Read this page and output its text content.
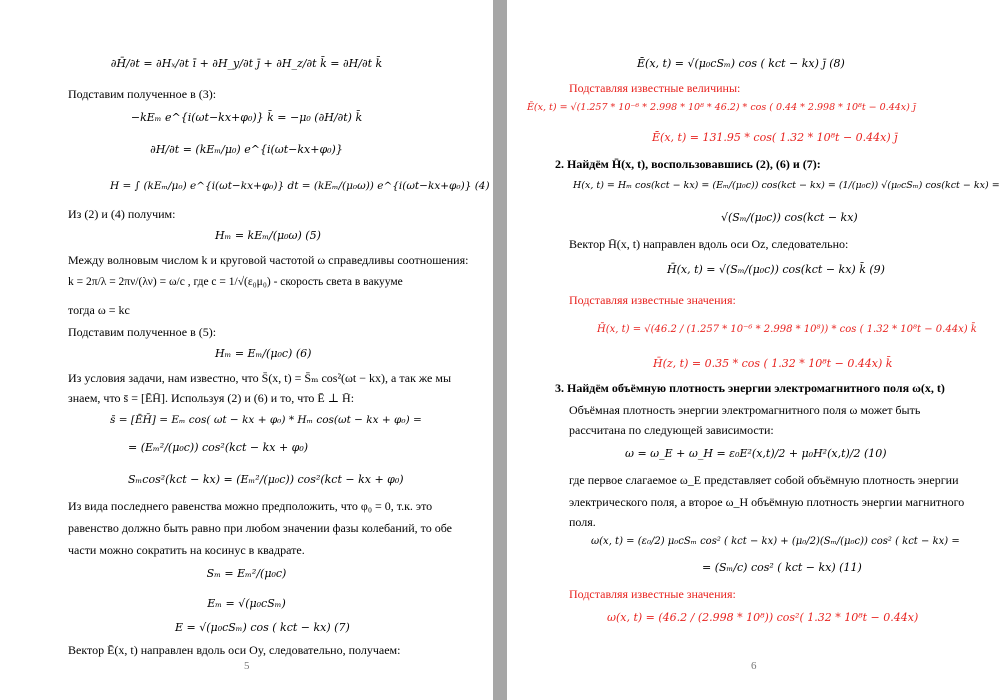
∂H̄/∂t = ∂Hₓ/∂t ī + ∂H_y/∂t j̄ + ∂H_z/∂t k̄ = ∂H/∂t k̄
Подставим полученное в (3):
−kEₘ e^{i(ωt−kx+φ₀)} k̄ = −μ₀ (∂H/∂t) k̄
∂H/∂t = (kEₘ/μ₀) e^{i(ωt−kx+φ₀)}
H = ∫ (kEₘ/μ₀) e^{i(ωt−kx+φ₀)} dt = (kEₘ/(μ₀ω)) e^{i(ωt−kx+φ₀)} (4)
Из (2) и (4) получим:
Hₘ = kEₘ/(μ₀ω) (5)
Между волновым числом k и круговой частотой ω справедливы соотношения:
k = 2π/λ = 2πν/(λν) = ω/c , где c = 1/√(ε₀μ₀) - скорость света в вакууме
тогда ω = kc
Подставим полученное в (5):
Hₘ = Eₘ/(μ₀c) (6)
Из условия задачи, нам известно, что S̄(x, t) = S̄ₘ cos²(ωt − kx), а так же мы
знаем, что s̄ = [ĒH̄]. Используя (2) и (6) и то, что Ē ⊥ H̄:
s̄ = [ĒH̄] = Eₘ cos( ωt − kx + φ₀) * Hₘ cos(ωt − kx + φ₀) =
= (Eₘ²/(μ₀c)) cos²(kct − kx + φ₀)
Sₘcos²(kct − kx) = (Eₘ²/(μ₀c)) cos²(kct − kx + φ₀)
Из вида последнего равенства можно предположить, что φ₀ = 0, т.к. это
равенство должно быть равно при любом значении фазы колебаний, то обе
части можно сократить на косинус в квадрате.
Sₘ = Eₘ²/(μ₀c)
Eₘ = √(μ₀cSₘ)
E = √(μ₀cSₘ) cos ( kct − kx) (7)
Вектор Ē(x, t) направлен вдоль оси Oy, следовательно, получаем:
5
Ē(x, t) = √(μ₀cSₘ) cos ( kct − kx) j̄ (8)
Подставляя известные величины:
Ē(x, t) = √(1.257 * 10⁻⁶ * 2.998 * 10⁸ * 46.2) * cos ( 0.44 * 2.998 * 10⁸t − 0.44x) j̄
Ē(x, t) = 131.95 * cos( 1.32 * 10⁸t − 0.44x) j̄
2. Найдём H̄(x, t), воспользовавшись (2), (6) и (7):
H(x, t) = Hₘ cos(kct − kx) = (Eₘ/(μ₀c)) cos(kct − kx) = (1/(μ₀c)) √(μ₀cSₘ) cos(kct − kx) =
√(Sₘ/(μ₀c)) cos(kct − kx)
Вектор H̄(x, t) направлен вдоль оси Oz, следовательно:
H̄(x, t) = √(Sₘ/(μ₀c)) cos(kct − kx) k̄ (9)
Подставляя известные значения:
H̄(x, t) = √(46.2 / (1.257 * 10⁻⁶ * 2.998 * 10⁸)) * cos ( 1.32 * 10⁸t − 0.44x) k̄
H̄(z, t) = 0.35 * cos ( 1.32 * 10⁸t − 0.44x) k̄
3. Найдём объёмную плотность энергии электромагнитного поля ω(x, t)
Объёмная плотность энергии электромагнитного поля ω может быть
рассчитана по следующей зависимости:
ω = ω_E + ω_H = ε₀E²(x,t)/2 + μ₀H²(x,t)/2 (10)
где первое слагаемое ω_E представляет собой объёмную плотность энергии
электрического поля, а второе ω_H объёмную плотность энергии магнитного
поля.
ω(x, t) = (ε₀/2) μ₀cSₘ cos² ( kct − kx) + (μ₀/2)(Sₘ/(μ₀c)) cos² ( kct − kx) =
= (Sₘ/c) cos² ( kct − kx) (11)
Подставляя известные значения:
ω(x, t) = (46.2 / (2.998 * 10⁸)) cos²( 1.32 * 10⁸t − 0.44x)
6
